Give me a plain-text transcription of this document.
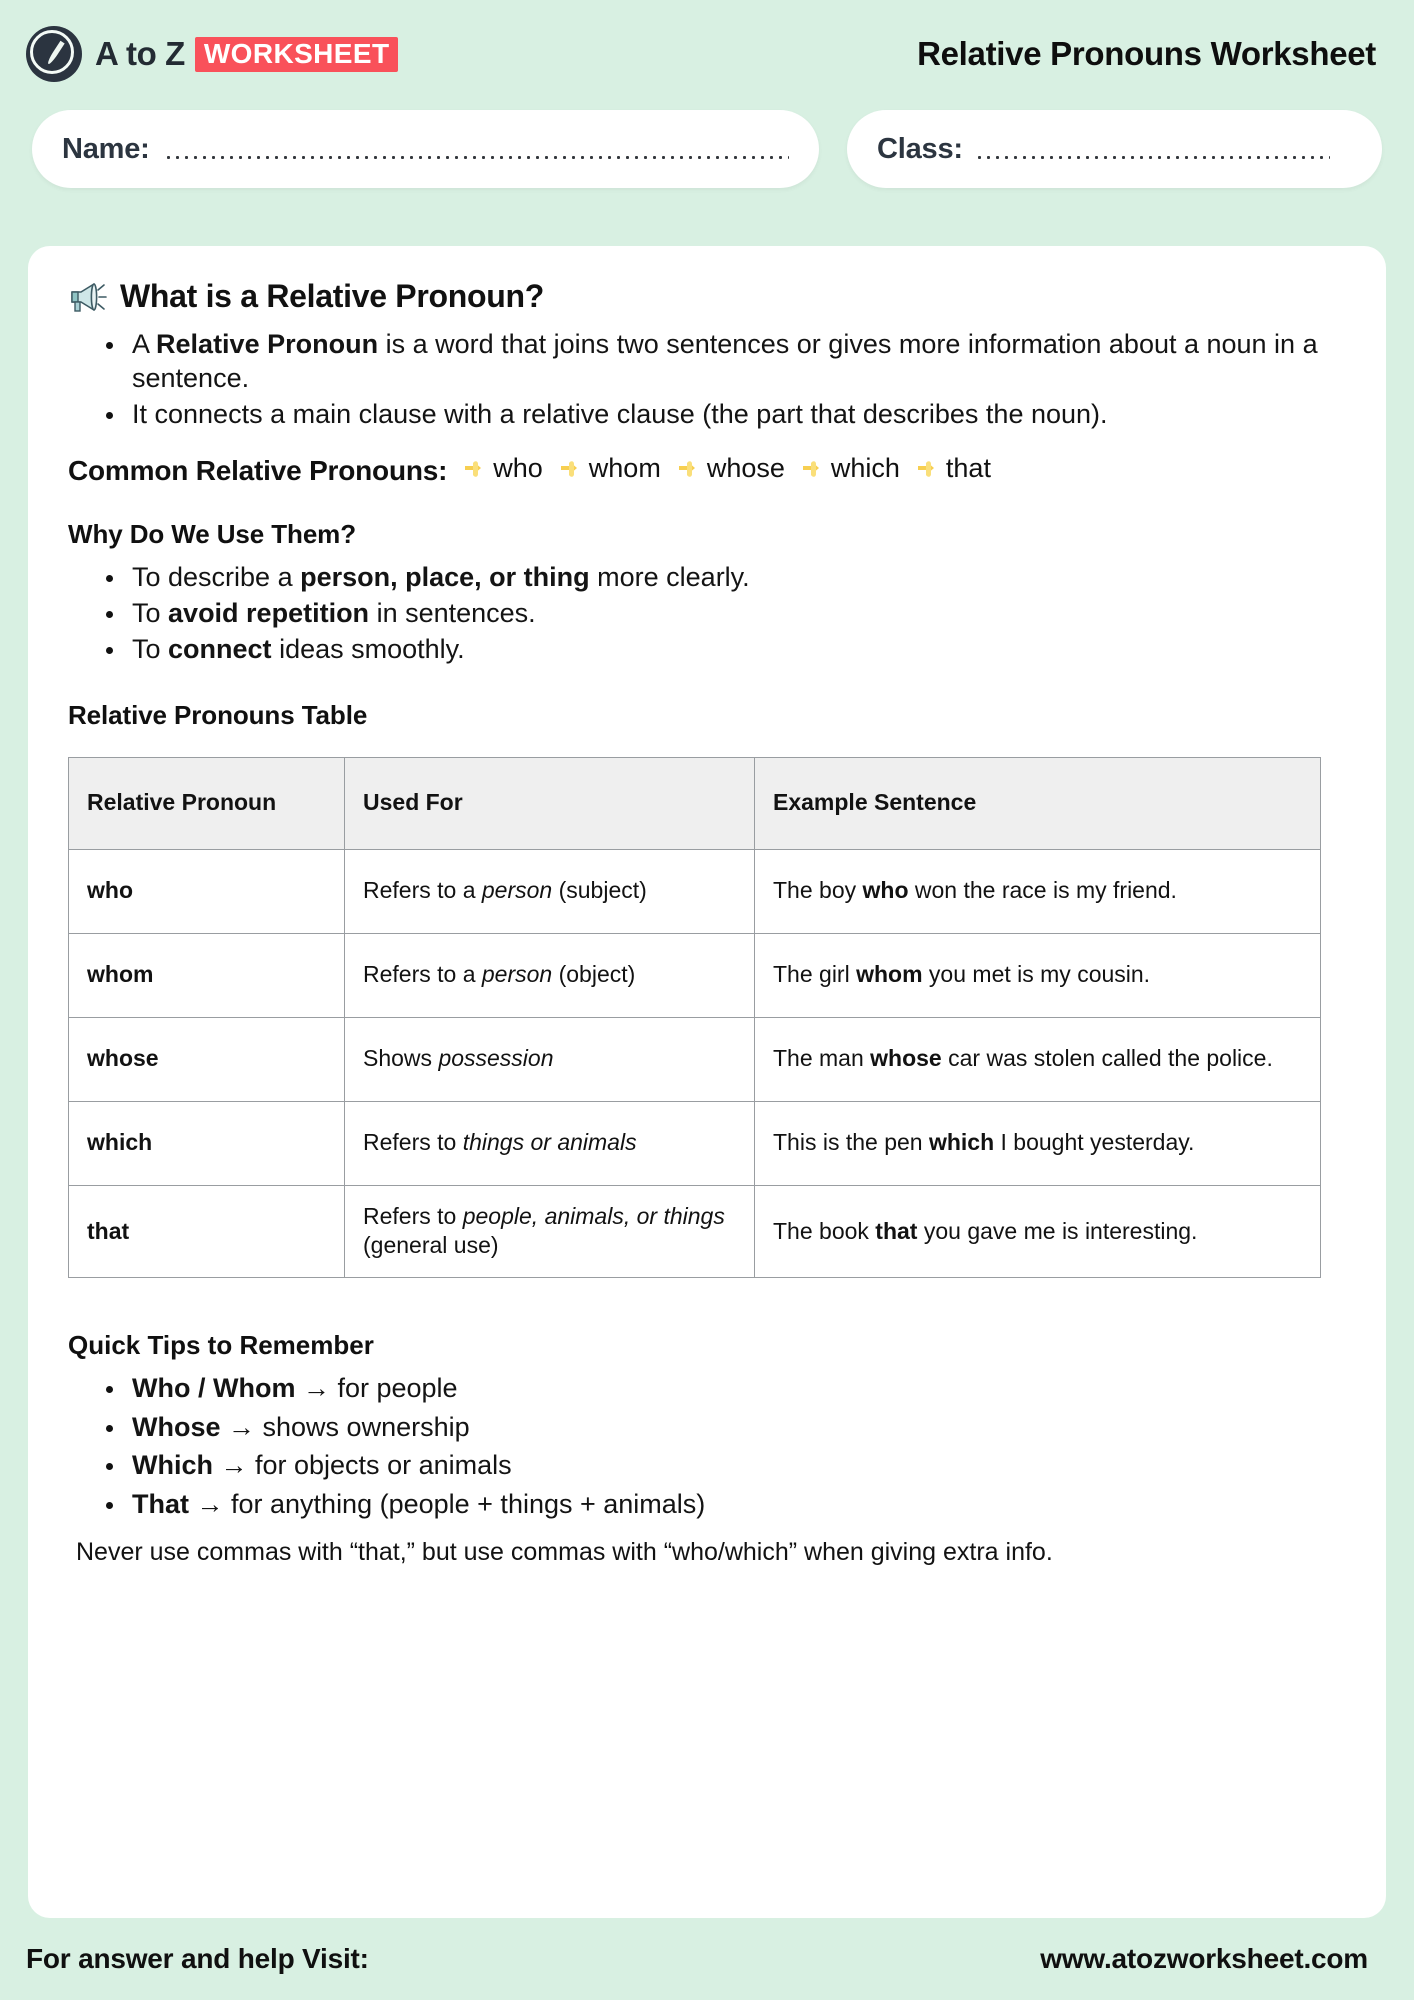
A to Z WORKSHEET	Relative Pronouns Worksheet
Name:	Class:
What is a Relative Pronoun?
A Relative Pronoun is a word that joins two sentences or gives more information about a noun in a sentence.
It connects a main clause with a relative clause (the part that describes the noun).
Common Relative Pronouns: who whom whose which that
Why Do We Use Them?
To describe a person, place, or thing more clearly.
To avoid repetition in sentences.
To connect ideas smoothly.
Relative Pronouns Table
Relative Pronoun	Used For	Example Sentence
who	Refers to a person (subject)	The boy who won the race is my friend.
whom	Refers to a person (object)	The girl whom you met is my cousin.
whose	Shows possession	The man whose car was stolen called the police.
which	Refers to things or animals	This is the pen which I bought yesterday.
that	Refers to people, animals, or things (general use)	The book that you gave me is interesting.
Quick Tips to Remember
Who / Whom → for people
Whose → shows ownership
Which → for objects or animals
That → for anything (people + things + animals)
Never use commas with “that,” but use commas with “who/which” when giving extra info.
For answer and help Visit:	www.atozworksheet.com
